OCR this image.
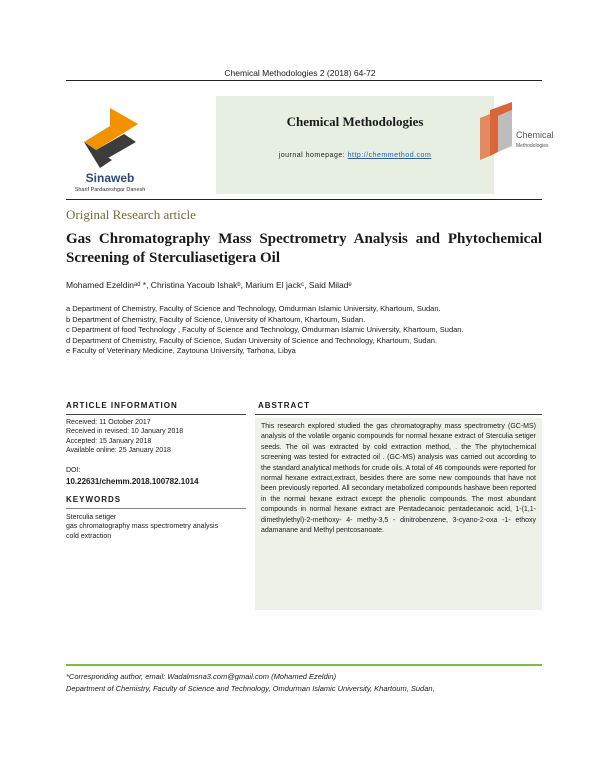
Chemical Methodologies 2 (2018) 64-72
Sinaweb
Sharif Pardazeshgar Danesh
Chemical Methodologies
journal homepage: http://chemmethod.com
Chemical
Methodologies
Original Research article
Gas Chromatography Mass Spectrometry Analysis and Phytochemical Screening of Sterculiasetigera Oil
Mohamed Ezeldinᵃᵈ *, Christina Yacoub Ishakᵇ, Marium El jackᶜ, Said Miladᵉ
a Department of Chemistry, Faculty of Science and Technology, Omdurman Islamic University, Khartoum, Sudan.
b Department of Chemistry, Faculty of Science, University of Khartoum, Khartoum, Sudan.
c Department of food Technology , Faculty of Science and Technology, Omdurman Islamic University, Khartoum, Sudan.
d Department of Chemistry, Faculty of Science, Sudan University of Science and Technology, Khartoum, Sudan.
e Faculty of Veterinary Medicine, Zaytouna University, Tarhona, Libya
ARTICLE INFORMATION	ABSTRACT
Received: 11 October 2017
Received in revised: 10 January 2018
Accepted: 15 January 2018
Available online: 25 January 2018
DOI:
10.22631/chemm.2018.100782.1014
KEYWORDS
Sterculia setiger
gas chromatography mass spectrometry analysis
cold extraction
This research explored studied the gas chromatography mass spectrometry (GC-MS) analysis of the volatile organic compounds for normal hexane extract of Sterculia setiger seeds. The oil was extracted by cold extraction method, . the The phytochemical screening was tested for extracted oil . (GC-MS) analysis was carried out according to the standard analytical methods for crude oils. A total of 46 compounds were reported for normal hexane extract,extract, besides there are some new compounds that have not been previously reported. All secondary metabolized compounds hashave been reported in the normal hexane extract except the phenolic compounds. The most abundant compounds in normal hexane extract are Pentadecanoic pentadecanoic acid, 1-(1,1-dimethylethyl)-2-methoxy- 4- methy-3,5 - dinitrobenzene, 3-cyano-2-oxa -1- ethoxy adamanane and Methyl pentcosanoate.
*Corresponding author, email: Wadalmsna3.com@gmail.com (Mohamed Ezeldin)
Department of Chemistry, Faculty of Science and Technology, Omdurman Islamic University, Khartoum, Sudan,
